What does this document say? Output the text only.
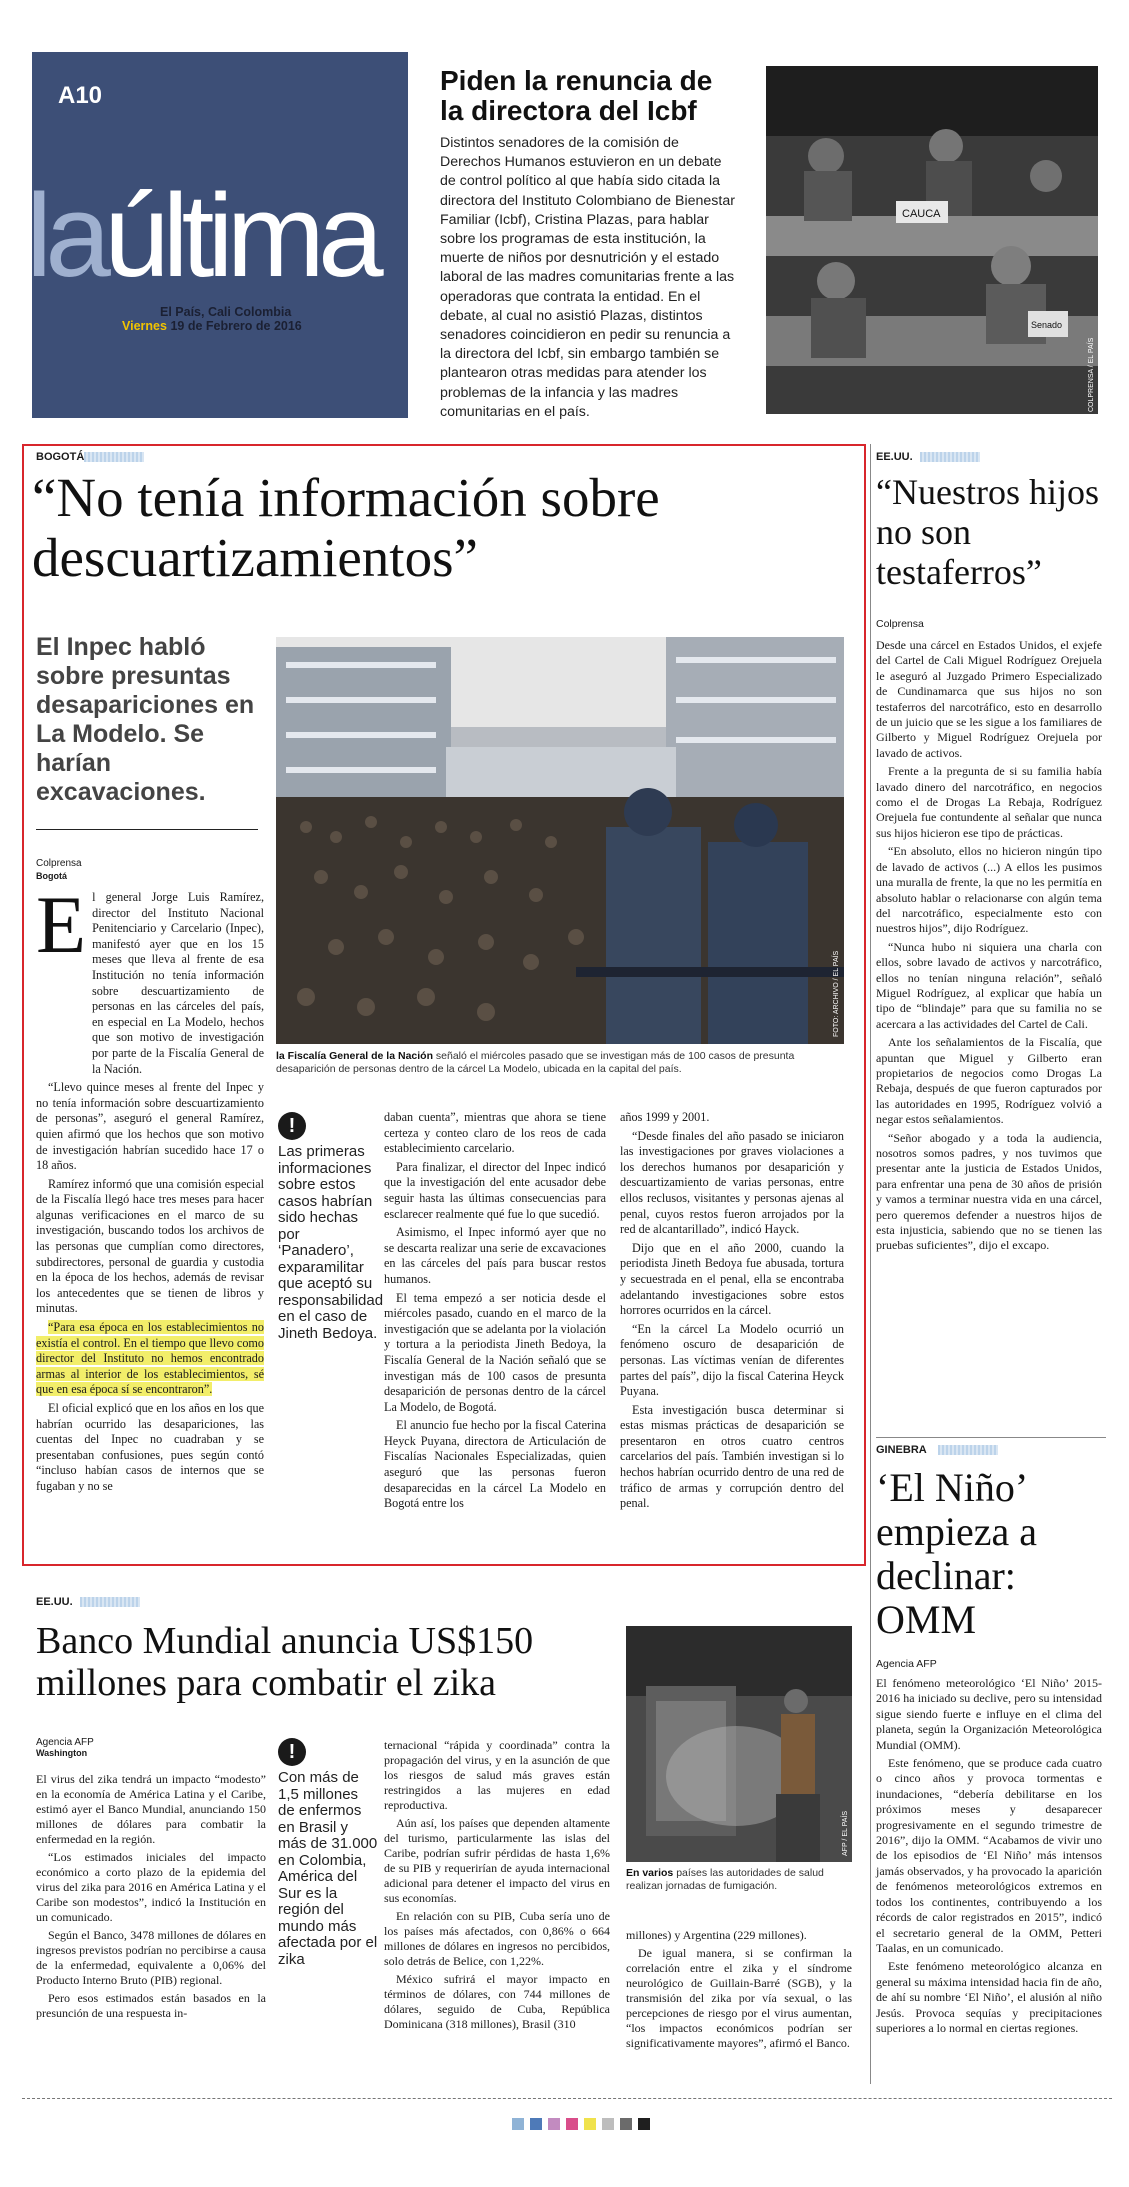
A10
laúltima
El País, Cali Colombia
Viernes 19 de Febrero de 2016
Piden la renuncia de la directora del Icbf
Distintos senadores de la comisión de Derechos Humanos estuvieron en un debate de control político al que había sido citada la directora del Instituto Colombiano de Bienestar Familiar (Icbf), Cristina Plazas, para hablar sobre los programas de esta institución, la muerte de niños por desnutrición y el estado laboral de las madres comunitarias frente a las operadoras que contrata la entidad. En el debate, al cual no asistió Plazas, distintos senadores coincidieron en pedir su renuncia a la directora del Icbf, sin embargo también se plantearon otras medidas para atender los problemas de la infancia y las madres comunitarias en el país.
CAUCA
Senado
COLPRENSA / EL PAÍS
BOGOTÁ
“No tenía información sobre descuartizamientos”
El Inpec habló sobre presuntas desapariciones en La Modelo. Se harían excavaciones.
Colprensa
Bogotá
FOTO: ARCHIVO / EL PAÍS
la Fiscalía General de la Nación señaló el miércoles pasado que se investigan más de 100 casos de presunta desaparición de personas dentro de la cárcel La Modelo, ubicada en la capital del país.
E l general Jorge Luis Ramírez, director del Instituto Nacional Penitenciario y Carcelario (Inpec), manifestó ayer que en los 15 meses que lleva al frente de esa Institución no tenía información sobre descuartizamiento de personas en las cárceles del país, en especial en La Modelo, hechos que son motivo de investigación por parte de la Fiscalía General de la Nación.

“Llevo quince meses al frente del Inpec y no tenía información sobre descuartizamiento de personas”, aseguró el general Ramírez, quien afirmó que los hechos que son motivo de investigación habrían sucedido hace 17 o 18 años.

Ramírez informó que una comisión especial de la Fiscalía llegó hace tres meses para hacer algunas verificaciones en el marco de su investigación, buscando todos los archivos de las personas que cumplían como directores, subdirectores, personal de guardia y custodia en la época de los hechos, además de revisar los antecedentes que se tienen de libros y minutas.

“Para esa época en los establecimientos no existía el control. En el tiempo que llevo como director del Instituto no hemos encontrado armas al interior de los establecimientos, sé que en esa época sí se encontraron”.

El oficial explicó que en los años en los que habrían ocurrido las desapariciones, las cuentas del Inpec no cuadraban y se presentaban confusiones, pues según contó “incluso habían casos de internos que se fugaban y no se

!
Las primeras informaciones sobre estos casos habrían sido hechas por ‘Panadero’, exparamilitar que aceptó su responsabilidad en el caso de Jineth Bedoya.

daban cuenta”, mientras que ahora se tiene certeza y conteo claro de los reos de cada establecimiento carcelario.

Para finalizar, el director del Inpec indicó que la investigación del ente acusador debe seguir hasta las últimas consecuencias para esclarecer realmente qué fue lo que sucedió.

Asimismo, el Inpec informó ayer que no se descarta realizar una serie de excavaciones en las cárceles del país para buscar restos humanos.

El tema empezó a ser noticia desde el miércoles pasado, cuando en el marco de la investigación que se adelanta por la violación y tortura a la periodista Jineth Bedoya, la Fiscalía General de la Nación señaló que se investigan más de 100 casos de presunta desaparición de personas dentro de la cárcel La Modelo, de Bogotá.

El anuncio fue hecho por la fiscal Caterina Heyck Puyana, directora de Articulación de Fiscalías Nacionales Especializadas, quien aseguró que las personas fueron desaparecidas en la cárcel La Modelo en Bogotá entre los

años 1999 y 2001.

“Desde finales del año pasado se iniciaron las investigaciones por graves violaciones a los derechos humanos por desaparición y descuartizamiento de varias personas, entre ellos reclusos, visitantes y personas ajenas al penal, cuyos restos fueron arrojados por la red de alcantarillado”, indicó Hayck.

Dijo que en el año 2000, cuando la periodista Jineth Bedoya fue abusada, tortura y secuestrada en el penal, ella se encontraba adelantando investigaciones sobre estos horrores ocurridos en la cárcel.

“En la cárcel La Modelo ocurrió un fenómeno oscuro de desaparición de personas. Las víctimas venían de diferentes partes del país”, dijo la fiscal Caterina Heyck Puyana.

Esta investigación busca determinar si estas mismas prácticas de desaparición se presentaron en otros cuatro centros carcelarios del país. También investigan si lo hechos habrían ocurrido dentro de una red de tráfico de armas y corrupción dentro del penal.

EE.UU.
“Nuestros hijos no son testaferros”
Colprensa

Desde una cárcel en Estados Unidos, el exjefe del Cartel de Cali Miguel Rodríguez Orejuela le aseguró al Juzgado Primero Especializado de Cundinamarca que sus hijos no son testaferros del narcotráfico, esto en desarrollo de un juicio que se les sigue a los familiares de Gilberto y Miguel Rodríguez Orejuela por lavado de activos.

Frente a la pregunta de si su familia había lavado dinero del narcotráfico, en negocios como el de Drogas La Rebaja, Rodríguez Orejuela fue contundente al señalar que nunca sus hijos hicieron ese tipo de prácticas.

“En absoluto, ellos no hicieron ningún tipo de lavado de activos (...) A ellos les pusimos una muralla de frente, la que no les permitía en absoluto hablar o relacionarse con algún tema del narcotráfico, especialmente esto con nuestros hijos”, dijo Rodríguez.

“Nunca hubo ni siquiera una charla con ellos, sobre lavado de activos y narcotráfico, ellos no tenían ninguna relación”, señaló Miguel Rodríguez, al explicar que había un tipo de “blindaje” para que su familia no se acercara a las actividades del Cartel de Cali.

Ante los señalamientos de la Fiscalía, que apuntan que Miguel y Gilberto eran propietarios de negocios como Drogas La Rebaja, después de que fueron capturados por las autoridades en 1995, Rodríguez volvió a negar estos señalamientos.

“Señor abogado y a toda la audiencia, nosotros somos padres, y nos tuvimos que presentar ante la justicia de Estados Unidos, para enfrentar una pena de 30 años de prisión y vamos a terminar nuestra vida en una cárcel, pero queremos defender a nuestros hijos de esta injusticia, sabiendo que no se tienen las pruebas suficientes”, dijo el excapo.

GINEBRA
‘El Niño’ empieza a declinar: OMM
Agencia AFP

El fenómeno meteorológico ‘El Niño’ 2015-2016 ha iniciado su declive, pero su intensidad sigue siendo fuerte e influye en el clima del planeta, según la Organización Meteorológica Mundial (OMM).

Este fenómeno, que se produce cada cuatro o cinco años y provoca tormentas e inundaciones, “debería debilitarse en los próximos meses y desaparecer progresivamente en el segundo trimestre de 2016”, dijo la OMM. “Acabamos de vivir uno de los episodios de ‘El Niño’ más intensos jamás observados, y ha provocado la aparición de fenómenos meteorológicos extremos en todos los continentes, contribuyendo a los récords de calor registrados en 2015”, indicó el secretario general de la OMM, Petteri Taalas, en un comunicado.

Este fenómeno meteorológico alcanza en general su máxima intensidad hacia fin de año, de ahí su nombre ‘El Niño’, el alusión al niño Jesús. Provoca sequías y precipitaciones superiores a lo normal en ciertas regiones.

EE.UU.
Banco Mundial anuncia US$150 millones para combatir el zika
Agencia AFP
Washington

El virus del zika tendrá un impacto “modesto” en la economía de América Latina y el Caribe, estimó ayer el Banco Mundial, anunciando 150 millones de dólares para combatir la enfermedad en la región.

“Los estimados iniciales del impacto económico a corto plazo de la epidemia del virus del zika para 2016 en América Latina y el Caribe son modestos”, indicó la Institución en un comunicado.

Según el Banco, 3478 millones de dólares en ingresos previstos podrían no percibirse a causa de la enfermedad, equivalente a 0,06% del Producto Interno Bruto (PIB) regional.

Pero esos estimados están basados en la presunción de una respuesta in-

!
Con más de 1,5 millones de enfermos en Brasil y más de 31.000 en Colombia, América del Sur es la región del mundo más afectada por el zika

ternacional “rápida y coordinada” contra la propagación del virus, y en la asunción de que los riesgos de salud más graves están restringidos a las mujeres en edad reproductiva.

Aún así, los países que dependen altamente del turismo, particularmente las islas del Caribe, podrían sufrir pérdidas de hasta 1,6% de su PIB y requerirían de ayuda internacional adicional para detener el impacto del virus en sus economías.

En relación con su PIB, Cuba sería uno de los países más afectados, con 0,86% o 664 millones de dólares en ingresos no percibidos, solo detrás de Belice, con 1,22%.

México sufrirá el mayor impacto en términos de dólares, con 744 millones de dólares, seguido de Cuba, República Dominicana (318 millones), Brasil (310

AFP / EL PAÍS
En varios países las autoridades de salud realizan jornadas de fumigación.

millones) y Argentina (229 millones).

De igual manera, si se confirman la correlación entre el zika y el síndrome neurológico de Guillain-Barré (SGB), y la transmisión del zika por vía sexual, o las percepciones de riesgo por el virus aumentan, “los impactos económicos podrían ser significativamente mayores”, afirmó el Banco.
